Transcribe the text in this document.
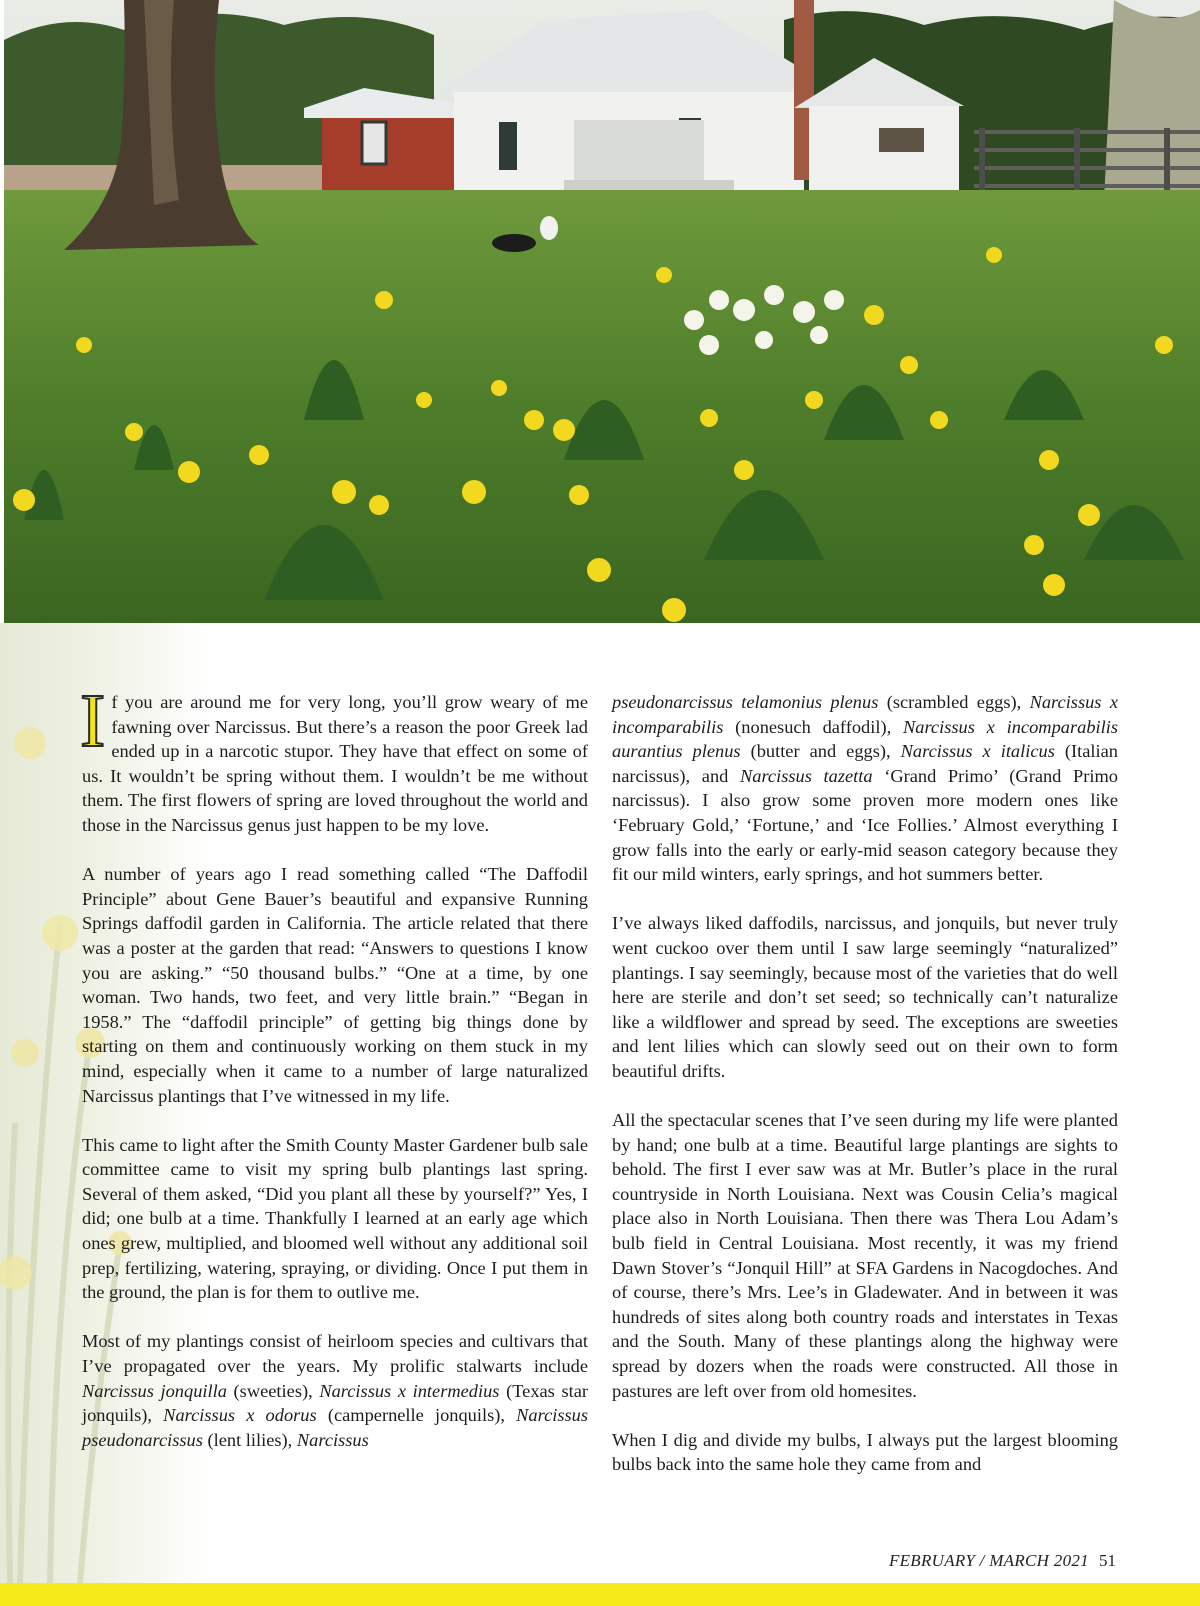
If you are around me for very long, you’ll grow weary of me fawning over Narcissus. But there’s a reason the poor Greek lad ended up in a narcotic stupor. They have that effect on some of us. It wouldn’t be spring without them. I wouldn’t be me without them. The first flowers of spring are loved throughout the world and those in the Narcissus genus just happen to be my love.

A number of years ago I read something called “The Daffodil Principle” about Gene Bauer’s beautiful and expansive Running Springs daffodil garden in California. The article related that there was a poster at the garden that read: “Answers to questions I know you are asking.” “50 thousand bulbs.” “One at a time, by one woman. Two hands, two feet, and very little brain.” “Began in 1958.” The “daffodil principle” of getting big things done by starting on them and continuously working on them stuck in my mind, especially when it came to a number of large naturalized Narcissus plantings that I’ve witnessed in my life.

This came to light after the Smith County Master Gardener bulb sale committee came to visit my spring bulb plantings last spring. Several of them asked, “Did you plant all these by yourself?” Yes, I did; one bulb at a time. Thankfully I learned at an early age which ones grew, multiplied, and bloomed well without any additional soil prep, fertilizing, watering, spraying, or dividing. Once I put them in the ground, the plan is for them to outlive me.

Most of my plantings consist of heirloom species and cultivars that I’ve propagated over the years. My prolific stalwarts include Narcissus jonquilla (sweeties), Narcissus x intermedius (Texas star jonquils), Narcissus x odorus (campernelle jonquils), Narcissus pseudonarcissus (lent lilies), Narcissus

pseudonarcissus telamonius plenus (scrambled eggs), Narcissus x incomparabilis (nonesuch daffodil), Narcissus x incomparabilis aurantius plenus (butter and eggs), Narcissus x italicus (Italian narcissus), and Narcissus tazetta ‘Grand Primo’ (Grand Primo narcissus). I also grow some proven more modern ones like ‘February Gold,’ ‘Fortune,’ and ‘Ice Follies.’ Almost everything I grow falls into the early or early-mid season category because they fit our mild winters, early springs, and hot summers better.

I’ve always liked daffodils, narcissus, and jonquils, but never truly went cuckoo over them until I saw large seemingly “naturalized” plantings. I say seemingly, because most of the varieties that do well here are sterile and don’t set seed; so technically can’t naturalize like a wildflower and spread by seed. The exceptions are sweeties and lent lilies which can slowly seed out on their own to form beautiful drifts.

All the spectacular scenes that I’ve seen during my life were planted by hand; one bulb at a time. Beautiful large plantings are sights to behold. The first I ever saw was at Mr. Butler’s place in the rural countryside in North Louisiana. Next was Cousin Celia’s magical place also in North Louisiana. Then there was Thera Lou Adam’s bulb field in Central Louisiana. Most recently, it was my friend Dawn Stover’s “Jonquil Hill” at SFA Gardens in Nacogdoches. And of course, there’s Mrs. Lee’s in Gladewater. And in between it was hundreds of sites along both country roads and interstates in Texas and the South. Many of these plantings along the highway were spread by dozers when the roads were constructed. All those in pastures are left over from old homesites.

When I dig and divide my bulbs, I always put the largest blooming bulbs back into the same hole they came from and

FEBRUARY / MARCH 2021 51
